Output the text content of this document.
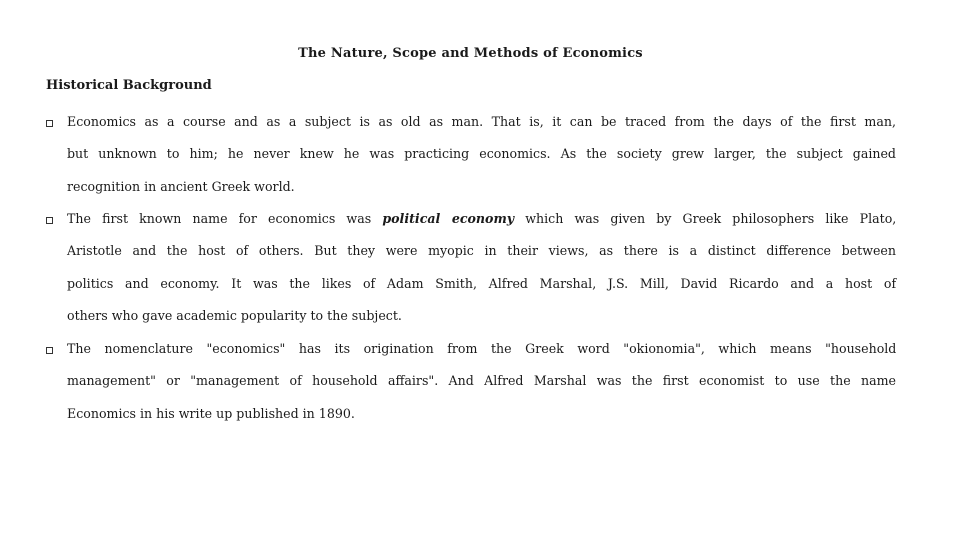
The Nature, Scope and Methods of Economics
Historical Background
Economics as a course and as a subject is as old as man. That is, it can be traced from the days of the first man,
but unknown to him; he never knew he was practicing economics. As the society grew larger, the subject gained
recognition in ancient Greek world.
The first known name for economics was political economy which was given by Greek philosophers like Plato,
Aristotle and the host of others. But they were myopic in their views, as there is a distinct difference between
politics and economy. It was the likes of Adam Smith, Alfred Marshal, J.S. Mill, David Ricardo and a host of
others who gave academic popularity to the subject.
The nomenclature "economics" has its origination from the Greek word "okionomia", which means "household
management" or "management of household affairs". And Alfred Marshal was the first economist to use the name
Economics in his write up published in 1890.
